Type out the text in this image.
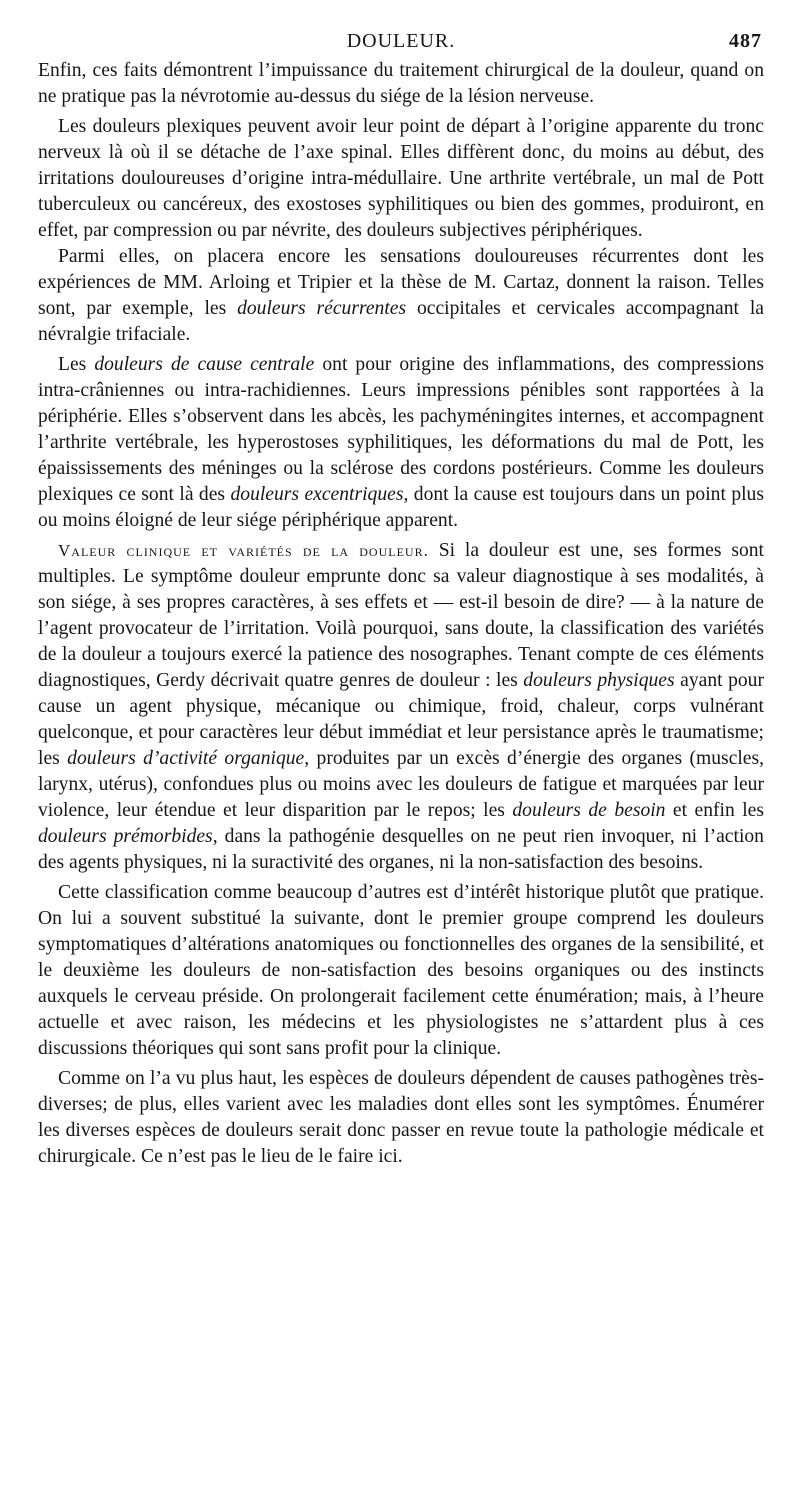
DOULEUR.	487

Enfin, ces faits démontrent l’impuissance du traitement chirurgical de la douleur, quand on ne pratique pas la névrotomie au-dessus du siége de la lésion nerveuse.

Les douleurs plexiques peuvent avoir leur point de départ à l’origine apparente du tronc nerveux là où il se détache de l’axe spinal. Elles diffèrent donc, du moins au début, des irritations douloureuses d’origine intra-médullaire. Une arthrite vertébrale, un mal de Pott tuberculeux ou cancéreux, des exostoses syphilitiques ou bien des gommes, produiront, en effet, par compression ou par névrite, des douleurs subjectives périphériques.

Parmi elles, on placera encore les sensations douloureuses récurrentes dont les expériences de MM. Arloing et Tripier et la thèse de M. Cartaz, donnent la raison. Telles sont, par exemple, les douleurs récurrentes occipitales et cervicales accompagnant la névralgie trifaciale.

Les douleurs de cause centrale ont pour origine des inflammations, des compressions intra-crâniennes ou intra-rachidiennes. Leurs impressions pénibles sont rapportées à la périphérie. Elles s’observent dans les abcès, les pachyméningites internes, et accompagnent l’arthrite vertébrale, les hyperostoses syphilitiques, les déformations du mal de Pott, les épaississements des méninges ou la sclérose des cordons postérieurs. Comme les douleurs plexiques ce sont là des douleurs excentriques, dont la cause est toujours dans un point plus ou moins éloigné de leur siége périphérique apparent.

Valeur clinique et variétés de la douleur. Si la douleur est une, ses formes sont multiples. Le symptôme douleur emprunte donc sa valeur diagnostique à ses modalités, à son siége, à ses propres caractères, à ses effets et — est-il besoin de dire? — à la nature de l’agent provocateur de l’irritation. Voilà pourquoi, sans doute, la classification des variétés de la douleur a toujours exercé la patience des nosographes. Tenant compte de ces éléments diagnostiques, Gerdy décrivait quatre genres de douleur : les douleurs physiques ayant pour cause un agent physique, mécanique ou chimique, froid, chaleur, corps vulnérant quelconque, et pour caractères leur début immédiat et leur persistance après le traumatisme; les douleurs d’activité organique, produites par un excès d’énergie des organes (muscles, larynx, utérus), confondues plus ou moins avec les douleurs de fatigue et marquées par leur violence, leur étendue et leur disparition par le repos; les douleurs de besoin et enfin les douleurs prémorbides, dans la pathogénie desquelles on ne peut rien invoquer, ni l’action des agents physiques, ni la suractivité des organes, ni la non-satisfaction des besoins.

Cette classification comme beaucoup d’autres est d’intérêt historique plutôt que pratique. On lui a souvent substitué la suivante, dont le premier groupe comprend les douleurs symptomatiques d’altérations anatomiques ou fonctionnelles des organes de la sensibilité, et le deuxième les douleurs de non-satisfaction des besoins organiques ou des instincts auxquels le cerveau préside. On prolongerait facilement cette énumération; mais, à l’heure actuelle et avec raison, les médecins et les physiologistes ne s’attardent plus à ces discussions théoriques qui sont sans profit pour la clinique.

Comme on l’a vu plus haut, les espèces de douleurs dépendent de causes pathogènes très-diverses; de plus, elles varient avec les maladies dont elles sont les symptômes. Énumérer les diverses espèces de douleurs serait donc passer en revue toute la pathologie médicale et chirurgicale. Ce n’est pas le lieu de le faire ici.
